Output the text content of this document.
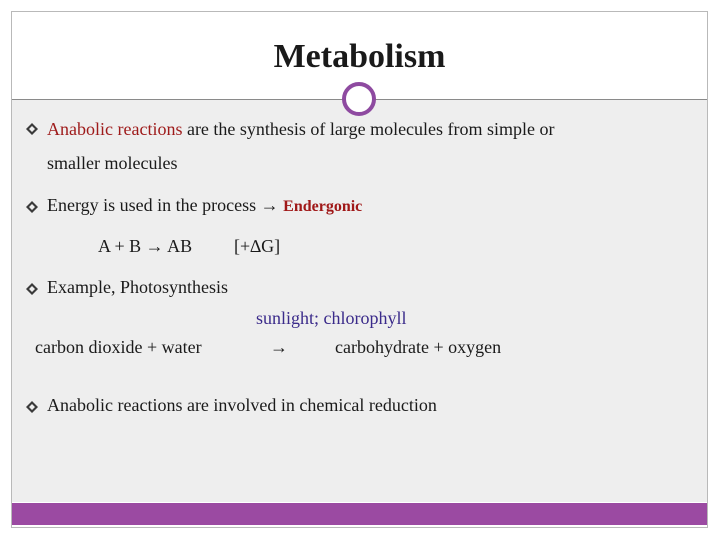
Metabolism
Anabolic reactions are the synthesis of large molecules from simple or
smaller molecules
Energy is used in the process → Endergonic
A + B → AB [+∆G]
Example, Photosynthesis
sunlight; chlorophyll
carbon dioxide + water	→	carbohydrate + oxygen
Anabolic reactions are involved in chemical reduction
